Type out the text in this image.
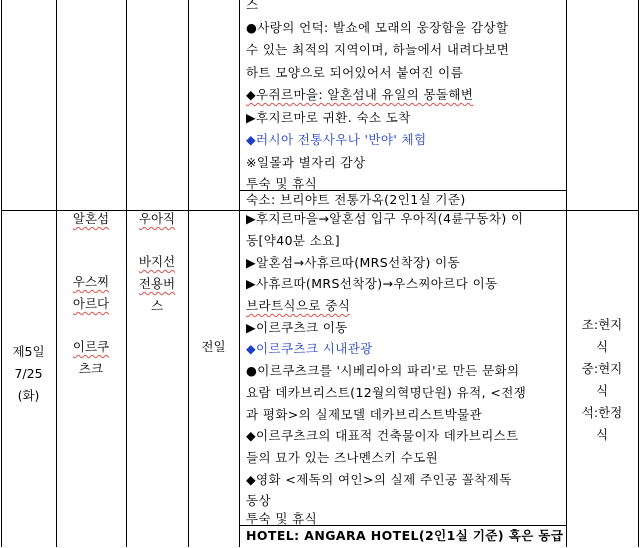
스
●사랑의 언덕: 발쇼에 모래의 웅장함을 감상할
수 있는 최적의 지역이며, 하늘에서 내려다보면
하트 모양으로 되어있어서 붙여진 이름
◆우쥐르마을: 알혼섬내 유일의 몽돌해변
▶후지르마로 귀환. 숙소 도착
◆러시아 전통사우나 '반야' 체험
※일몰과 별자리 감상
투숙 및 휴식
숙소: 브리야트 전통가옥(2인1실 기준)
제5일
7/25
(화)
알혼섬
우스찌
아르다
이르쿠
츠크
우아직
바지선
전용버
스
전일
▶후지르마을→알혼섬 입구 우아직(4륜구동차) 이
동[약40분 소요]
▶알혼섬→사휴르따(MRS선착장) 이동
▶사휴르따(MRS선착장)→우스찌아르다 이동
브라트식으로 중식
▶이르쿠츠크 이동
◆이르쿠츠크 시내관광
●이르쿠츠크를 '시베리아의 파리'로 만든 문화의
요람 데카브리스트(12월의혁명단원) 유적, <전쟁
과 평화>의 실제모델 데카브리스트박물관
◆이르쿠츠크의 대표적 건축물이자 데카브리스트
들의 묘가 있는 즈나멘스키 수도원
◆영화 <제독의 여인>의 실제 주인공 꼴착제독
동상
투숙 및 휴식
HOTEL: ANGARA HOTEL(2인1실 기준) 혹은 동급
조:현지
식
중:현지
식
석:한정
식
